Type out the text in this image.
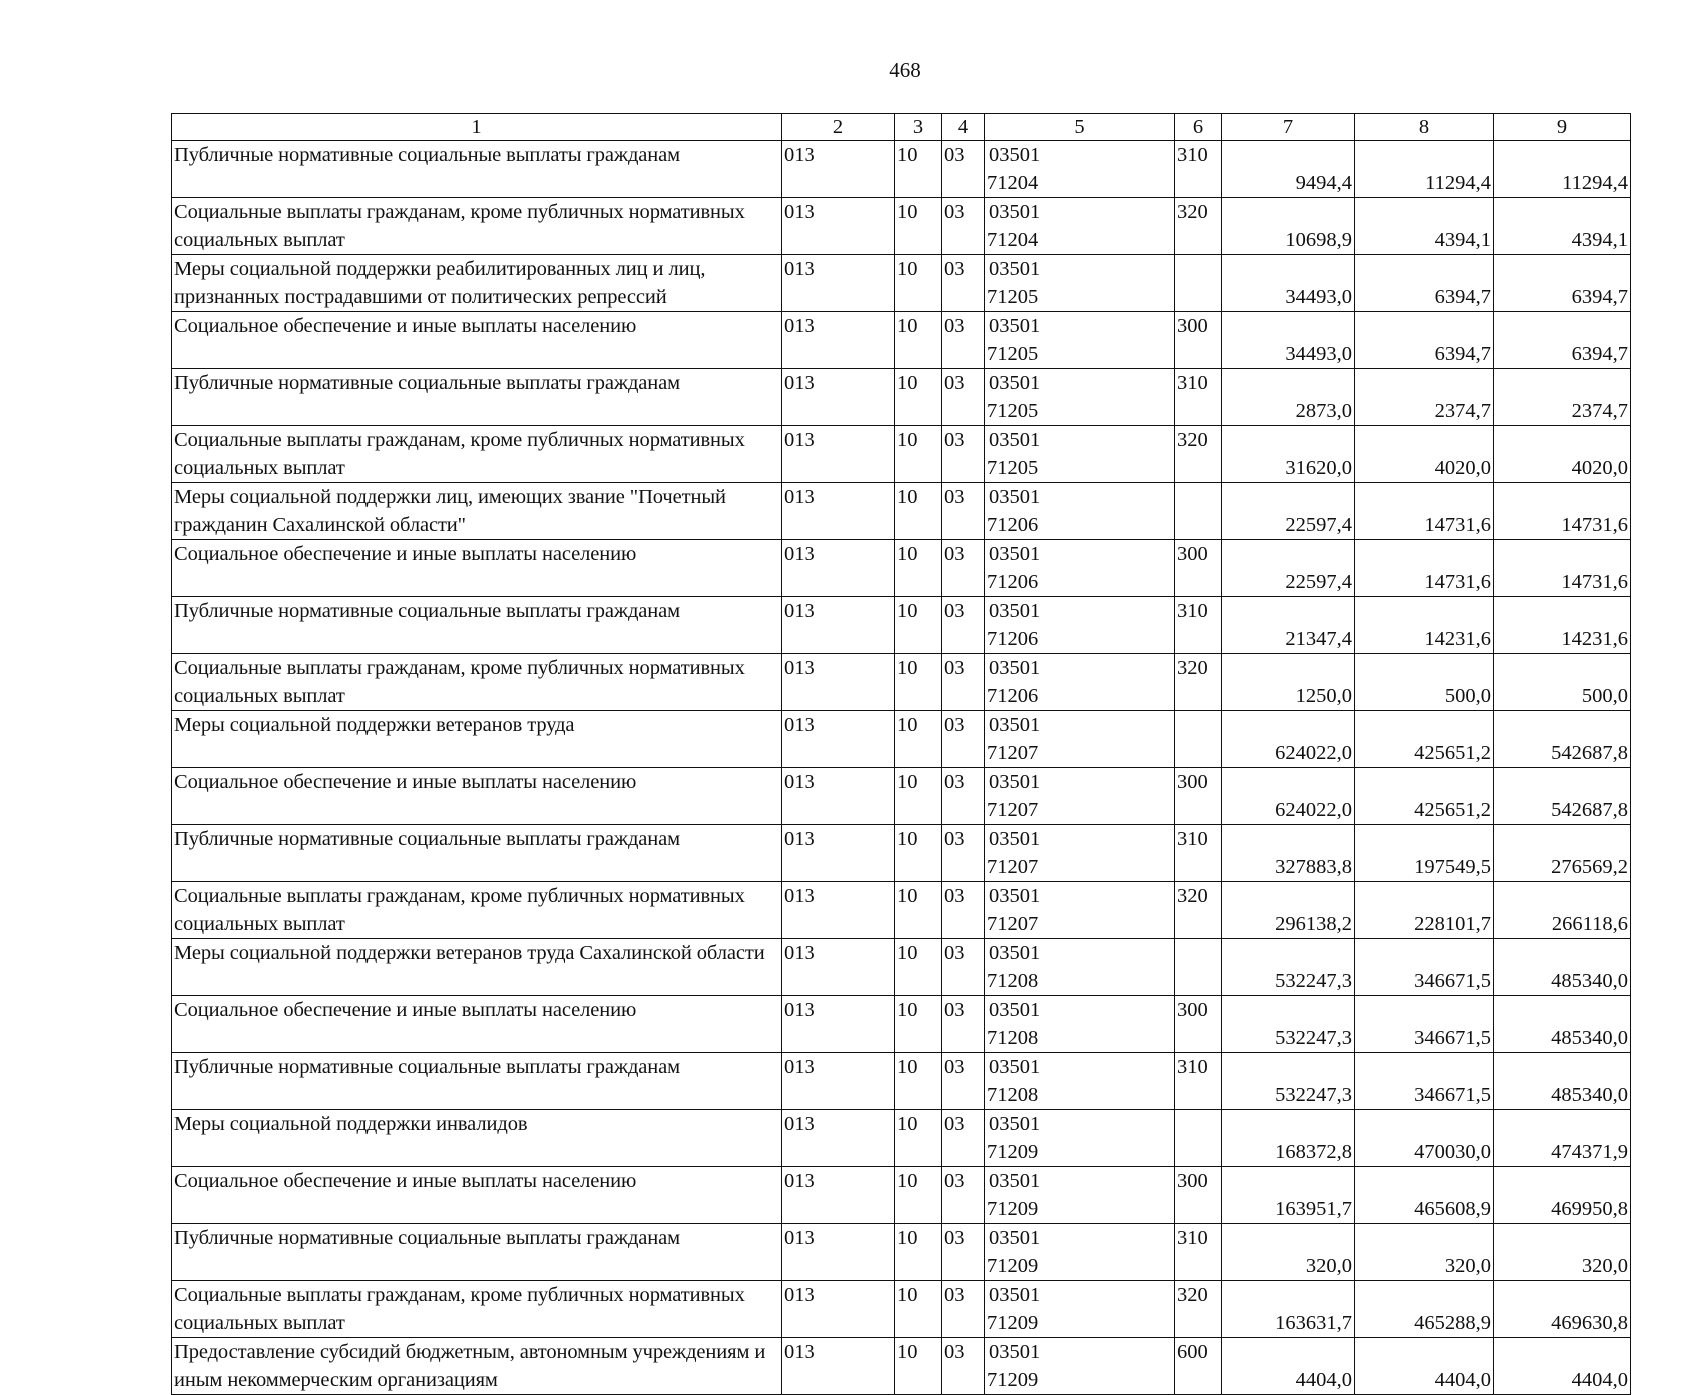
468
1	2	3	4	5	6	7	8	9
Публичные нормативные социальные выплаты гражданам	013	10	03	0350171204	310	9494,4	11294,4	11294,4
Социальные выплаты гражданам, кроме публичных нормативных социальных выплат	013	10	03	0350171204	320	10698,9	4394,1	4394,1
Меры социальной поддержки реабилитированных лиц и лиц, признанных пострадавшими от политических репрессий	013	10	03	0350171205		34493,0	6394,7	6394,7
Социальное обеспечение и иные выплаты населению	013	10	03	0350171205	300	34493,0	6394,7	6394,7
Публичные нормативные социальные выплаты гражданам	013	10	03	0350171205	310	2873,0	2374,7	2374,7
Социальные выплаты гражданам, кроме публичных нормативных социальных выплат	013	10	03	0350171205	320	31620,0	4020,0	4020,0
Меры социальной поддержки лиц, имеющих звание "Почетный гражданин Сахалинской области"	013	10	03	0350171206		22597,4	14731,6	14731,6
Социальное обеспечение и иные выплаты населению	013	10	03	0350171206	300	22597,4	14731,6	14731,6
Публичные нормативные социальные выплаты гражданам	013	10	03	0350171206	310	21347,4	14231,6	14231,6
Социальные выплаты гражданам, кроме публичных нормативных социальных выплат	013	10	03	0350171206	320	1250,0	500,0	500,0
Меры социальной поддержки ветеранов труда	013	10	03	0350171207		624022,0	425651,2	542687,8
Социальное обеспечение и иные выплаты населению	013	10	03	0350171207	300	624022,0	425651,2	542687,8
Публичные нормативные социальные выплаты гражданам	013	10	03	0350171207	310	327883,8	197549,5	276569,2
Социальные выплаты гражданам, кроме публичных нормативных социальных выплат	013	10	03	0350171207	320	296138,2	228101,7	266118,6
Меры социальной поддержки ветеранов труда Сахалинской области	013	10	03	0350171208		532247,3	346671,5	485340,0
Социальное обеспечение и иные выплаты населению	013	10	03	0350171208	300	532247,3	346671,5	485340,0
Публичные нормативные социальные выплаты гражданам	013	10	03	0350171208	310	532247,3	346671,5	485340,0
Меры социальной поддержки инвалидов	013	10	03	0350171209		168372,8	470030,0	474371,9
Социальное обеспечение и иные выплаты населению	013	10	03	0350171209	300	163951,7	465608,9	469950,8
Публичные нормативные социальные выплаты гражданам	013	10	03	0350171209	310	320,0	320,0	320,0
Социальные выплаты гражданам, кроме публичных нормативных социальных выплат	013	10	03	0350171209	320	163631,7	465288,9	469630,8
Предоставление субсидий бюджетным, автономным учреждениям и иным некоммерческим организациям	013	10	03	0350171209	600	4404,0	4404,0	4404,0
